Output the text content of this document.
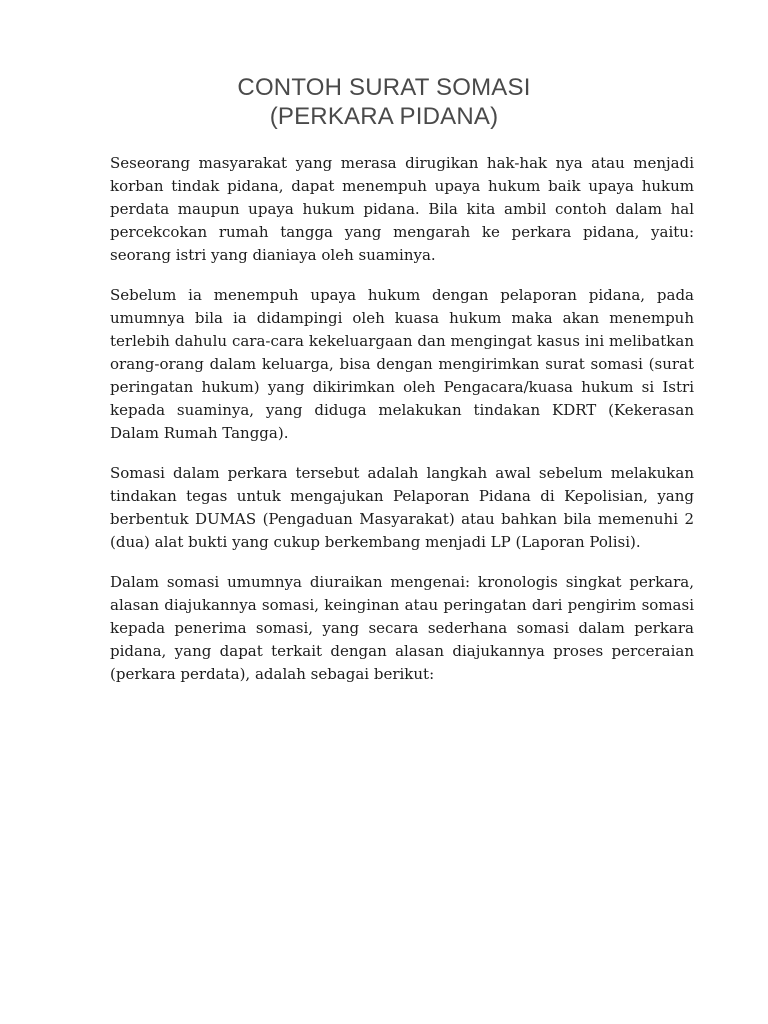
CONTOH SURAT SOMASI
(PERKARA PIDANA)

Seseorang masyarakat yang merasa dirugikan hak-hak nya atau menjadi korban tindak pidana, dapat menempuh upaya hukum baik upaya hukum perdata maupun upaya hukum pidana. Bila kita ambil contoh dalam hal percekcokan rumah tangga yang mengarah ke perkara pidana, yaitu: seorang istri yang dianiaya oleh suaminya.

Sebelum ia menempuh upaya hukum dengan pelaporan pidana, pada umumnya bila ia didampingi oleh kuasa hukum maka akan menempuh terlebih dahulu cara-cara kekeluargaan dan mengingat kasus ini melibatkan orang-orang dalam keluarga, bisa dengan mengirimkan surat somasi (surat peringatan hukum) yang dikirimkan oleh Pengacara/kuasa hukum si Istri kepada suaminya, yang diduga melakukan tindakan KDRT (Kekerasan Dalam Rumah Tangga).

Somasi dalam perkara tersebut adalah langkah awal sebelum melakukan tindakan tegas untuk mengajukan Pelaporan Pidana di Kepolisian, yang berbentuk DUMAS (Pengaduan Masyarakat) atau bahkan bila memenuhi 2 (dua) alat bukti yang cukup berkembang menjadi LP (Laporan Polisi).

Dalam somasi umumnya diuraikan mengenai: kronologis singkat perkara, alasan diajukannya somasi, keinginan atau peringatan dari pengirim somasi kepada penerima somasi, yang secara sederhana somasi dalam perkara pidana, yang dapat terkait dengan alasan diajukannya proses perceraian (perkara perdata), adalah sebagai berikut:
